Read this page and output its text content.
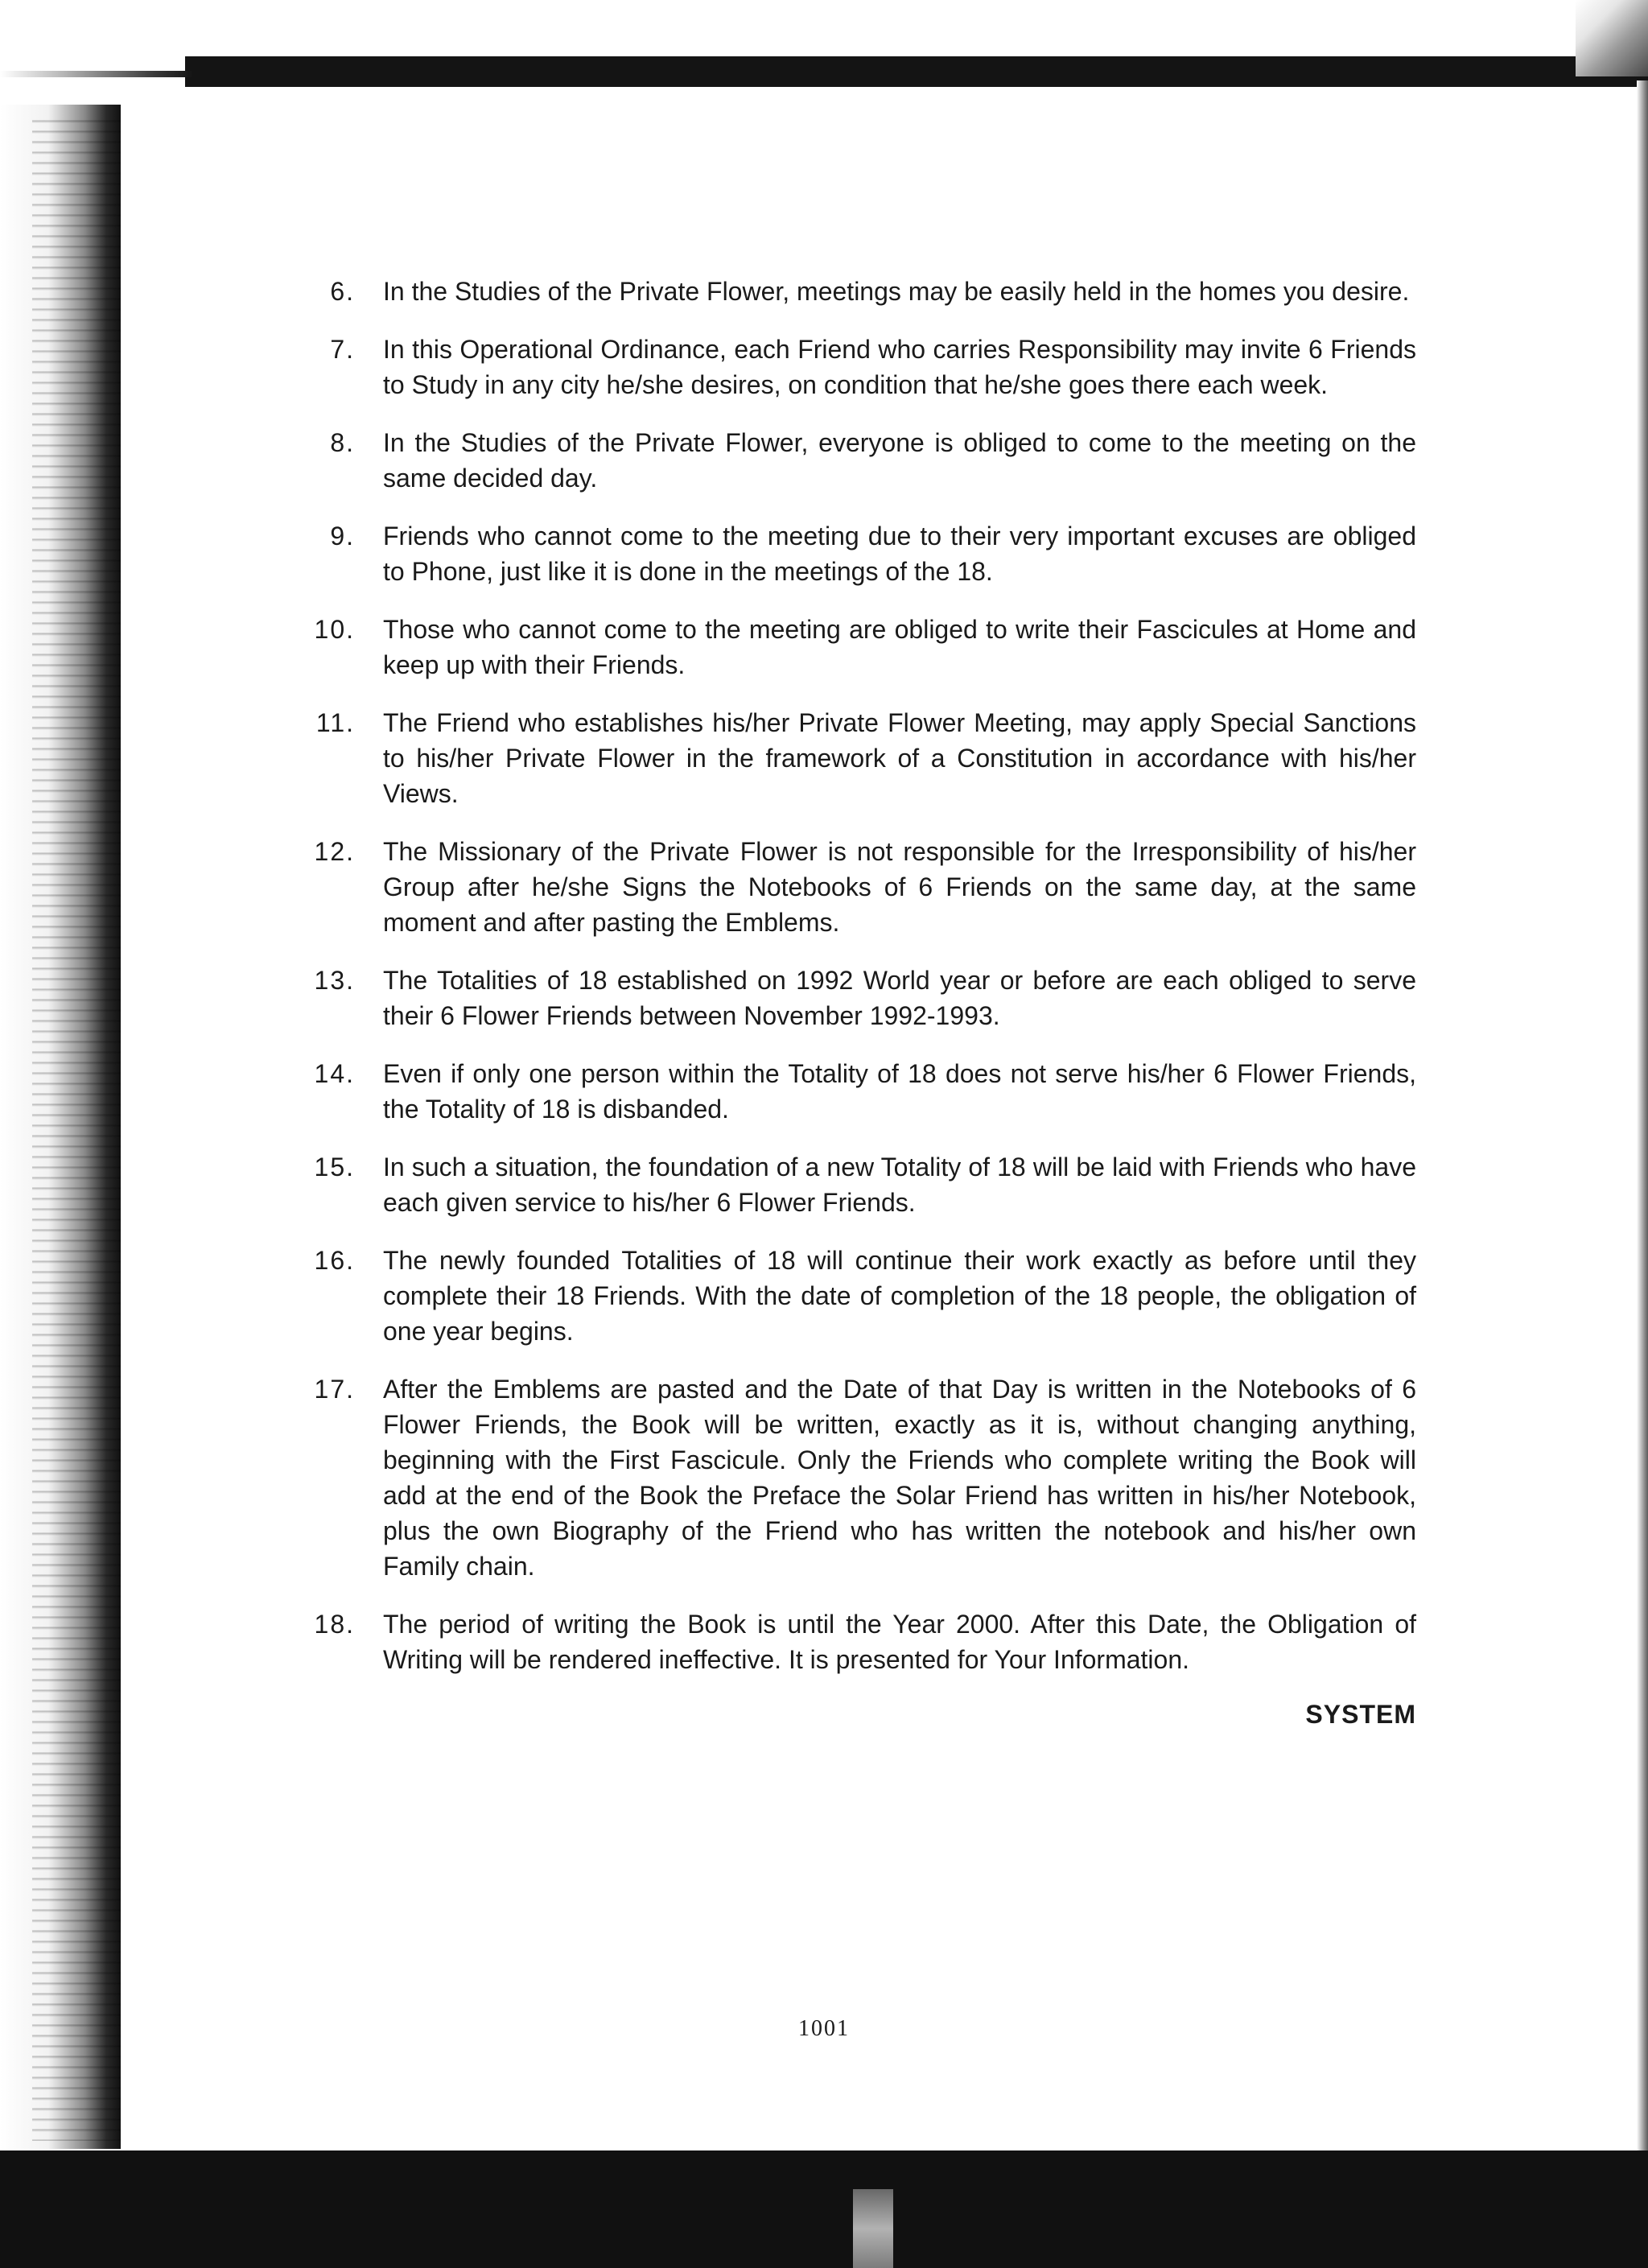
6. In the Studies of the Private Flower, meetings may be easily held in the homes you desire.
7. In this Operational Ordinance, each Friend who carries Responsibility may invite 6 Friends to Study in any city he/she desires, on condition that he/she goes there each week.
8. In the Studies of the Private Flower, everyone is obliged to come to the meeting on the same decided day.
9. Friends who cannot come to the meeting due to their very important excuses are obliged to Phone, just like it is done in the meetings of the 18.
10. Those who cannot come to the meeting are obliged to write their Fascicules at Home and keep up with their Friends.
11. The Friend who establishes his/her Private Flower Meeting, may apply Special Sanctions to his/her Private Flower in the framework of a Constitution in accordance with his/her Views.
12. The Missionary of the Private Flower is not responsible for the Irresponsibility of his/her Group after he/she Signs the Notebooks of 6 Friends on the same day, at the same moment and after pasting the Emblems.
13. The Totalities of 18 established on 1992 World year or before are each obliged to serve their 6 Flower Friends between November 1992-1993.
14. Even if only one person within the Totality of 18 does not serve his/her 6 Flower Friends, the Totality of 18 is disbanded.
15. In such a situation, the foundation of a new Totality of 18 will be laid with Friends who have each given service to his/her 6 Flower Friends.
16. The newly founded Totalities of 18 will continue their work exactly as before until they complete their 18 Friends. With the date of completion of the 18 people, the obligation of one year begins.
17. After the Emblems are pasted and the Date of that Day is written in the Notebooks of 6 Flower Friends, the Book will be written, exactly as it is, without changing anything, beginning with the First Fascicule. Only the Friends who complete writing the Book will add at the end of the Book the Preface the Solar Friend has written in his/her Notebook, plus the own Biography of the Friend who has written the notebook and his/her own Family chain.
18. The period of writing the Book is until the Year 2000. After this Date, the Obligation of Writing will be rendered ineffective. It is presented for Your Information.
SYSTEM
1001
